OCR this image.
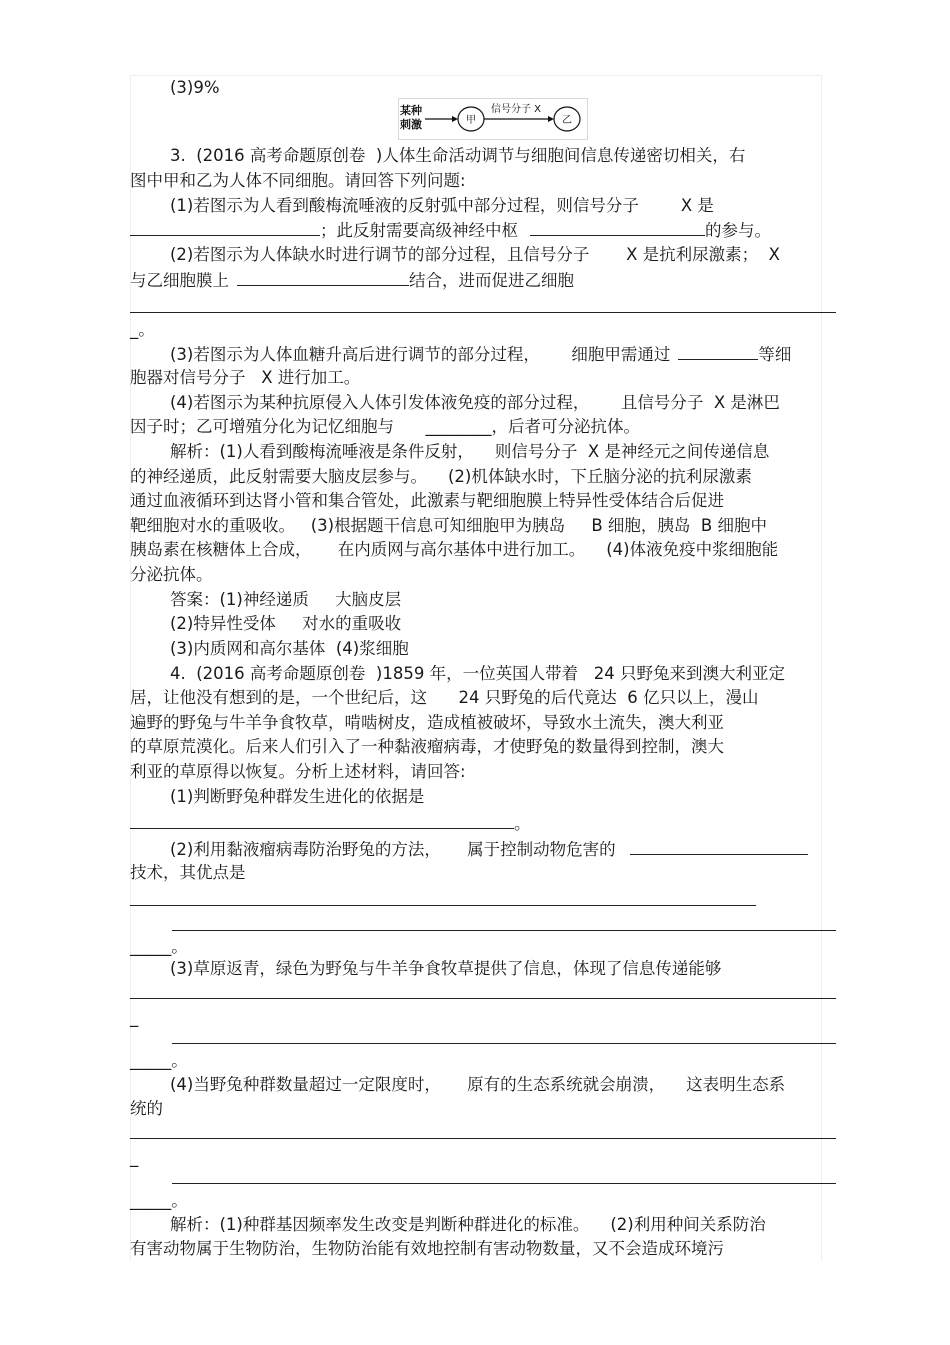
(3)9%
某种
刺激	甲
信号分子 X
乙
3.  (2016 高考命题原创卷  )人体生命活动调节与细胞间信息传递密切相关，右
图中甲和乙为人体不同细胞。请回答下列问题:
(1)若图示为人看到酸梅流唾液的反射弧中部分过程，则信号分子        X 是
；此反射需要高级神经中枢	的参与。
(2)若图示为人体缺水时进行调节的部分过程，且信号分子       X 是抗利尿激素；  X
与乙细胞膜上	结合，进而促进乙细胞
_。
(3)若图示为人体血糖升高后进行调节的部分过程，      细胞甲需通过	等细
胞器对信号分子   X 进行加工。
(4)若图示为某种抗原侵入人体引发体液免疫的部分过程，      且信号分子  X 是淋巴
因子时；乙可增殖分化为记忆细胞与      ________，后者可分泌抗体。
解析：(1)人看到酸梅流唾液是条件反射，    则信号分子  X 是神经元之间传递信息
的神经递质，此反射需要大脑皮层参与。    (2)机体缺水时，下丘脑分泌的抗利尿激素
通过血液循环到达肾小管和集合管处，此激素与靶细胞膜上特异性受体结合后促进
靶细胞对水的重吸收。   (3)根据题干信息可知细胞甲为胰岛     B 细胞，胰岛  B 细胞中
胰岛素在核糖体上合成，     在内质网与高尔基体中进行加工。    (4)体液免疫中浆细胞能
分泌抗体。
答案：(1)神经递质     大脑皮层
(2)特异性受体     对水的重吸收
(3)内质网和高尔基体  (4)浆细胞
4.  (2016 高考命题原创卷  )1859 年，一位英国人带着   24 只野兔来到澳大利亚定
居，让他没有想到的是，一个世纪后，这      24 只野兔的后代竟达  6 亿只以上，漫山
遍野的野兔与牛羊争食牧草，啃啮树皮，造成植被破坏，导致水土流失，澳大利亚
的草原荒漠化。后来人们引入了一种黏液瘤病毒，才使野兔的数量得到控制，澳大
利亚的草原得以恢复。分析上述材料，请回答:
(1)判断野兔种群发生进化的依据是
。
(2)利用黏液瘤病毒防治野兔的方法，     属于控制动物危害的
技术，其优点是
_____。
(3)草原返青，绿色为野兔与牛羊争食牧草提供了信息，体现了信息传递能够
_
_____。
(4)当野兔种群数量超过一定限度时，     原有的生态系统就会崩溃，    这表明生态系
统的
_
_____。
解析：(1)种群基因频率发生改变是判断种群进化的标准。    (2)利用种间关系防治
有害动物属于生物防治，生物防治能有效地控制有害动物数量，又不会造成环境污
